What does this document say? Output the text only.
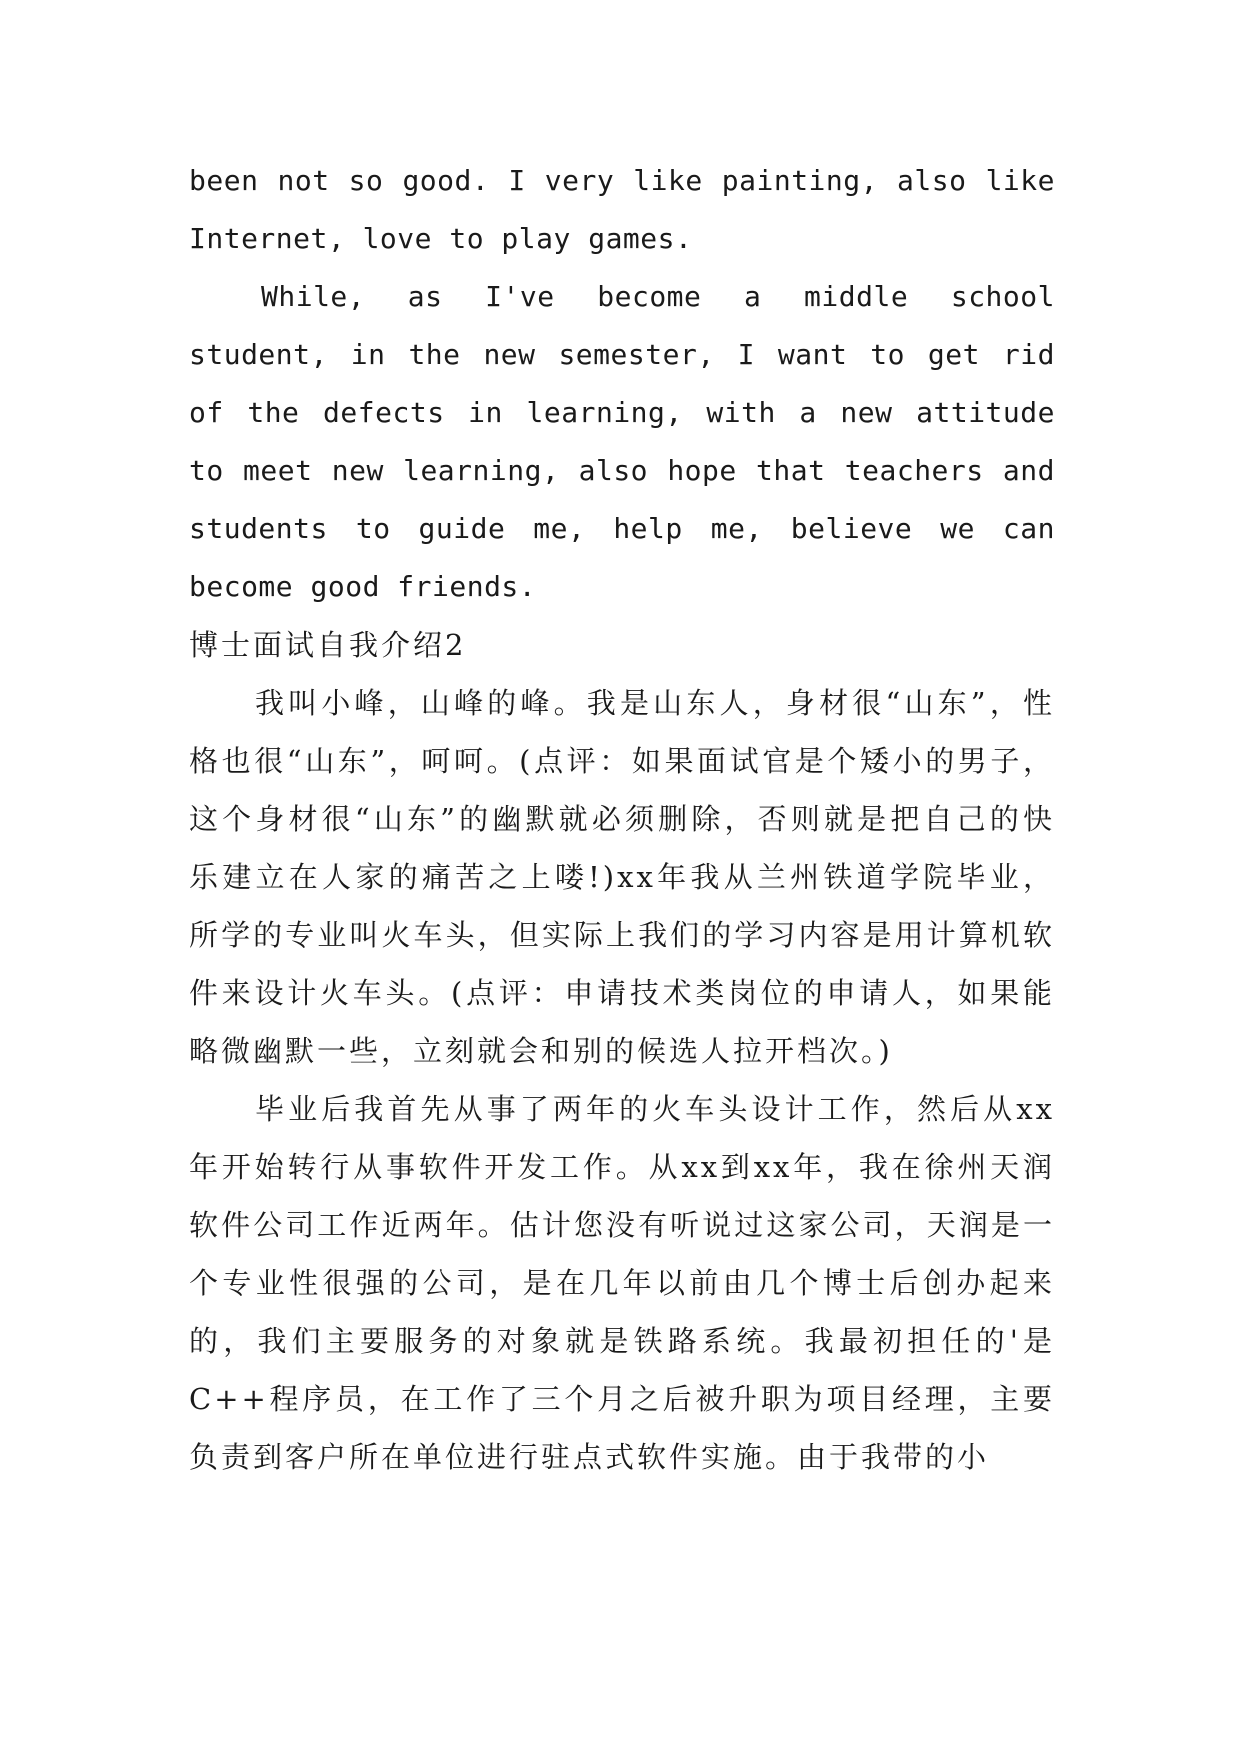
been not so good. I very like painting, also like Internet, love to play games.

While, as I've become a middle school student, in the new semester, I want to get rid of the defects in learning, with a new attitude to meet new learning, also hope that teachers and students to guide me, help me, believe we can become good friends.

博士面试自我介绍2

我叫小峰，山峰的峰。我是山东人，身材很“山东”，性格也很“山东”，呵呵。(点评：如果面试官是个矮小的男子，这个身材很“山东”的幽默就必须删除，否则就是把自己的快乐建立在人家的痛苦之上喽!)xx年我从兰州铁道学院毕业，所学的专业叫火车头，但实际上我们的学习内容是用计算机软件来设计火车头。(点评：申请技术类岗位的申请人，如果能略微幽默一些，立刻就会和别的候选人拉开档次。)

毕业后我首先从事了两年的火车头设计工作，然后从xx年开始转行从事软件开发工作。从xx到xx年，我在徐州天润软件公司工作近两年。估计您没有听说过这家公司，天润是一个专业性很强的公司，是在几年以前由几个博士后创办起来的，我们主要服务的对象就是铁路系统。我最初担任的'是C++程序员，在工作了三个月之后被升职为项目经理，主要负责到客户所在单位进行驻点式软件实施。由于我带的小
